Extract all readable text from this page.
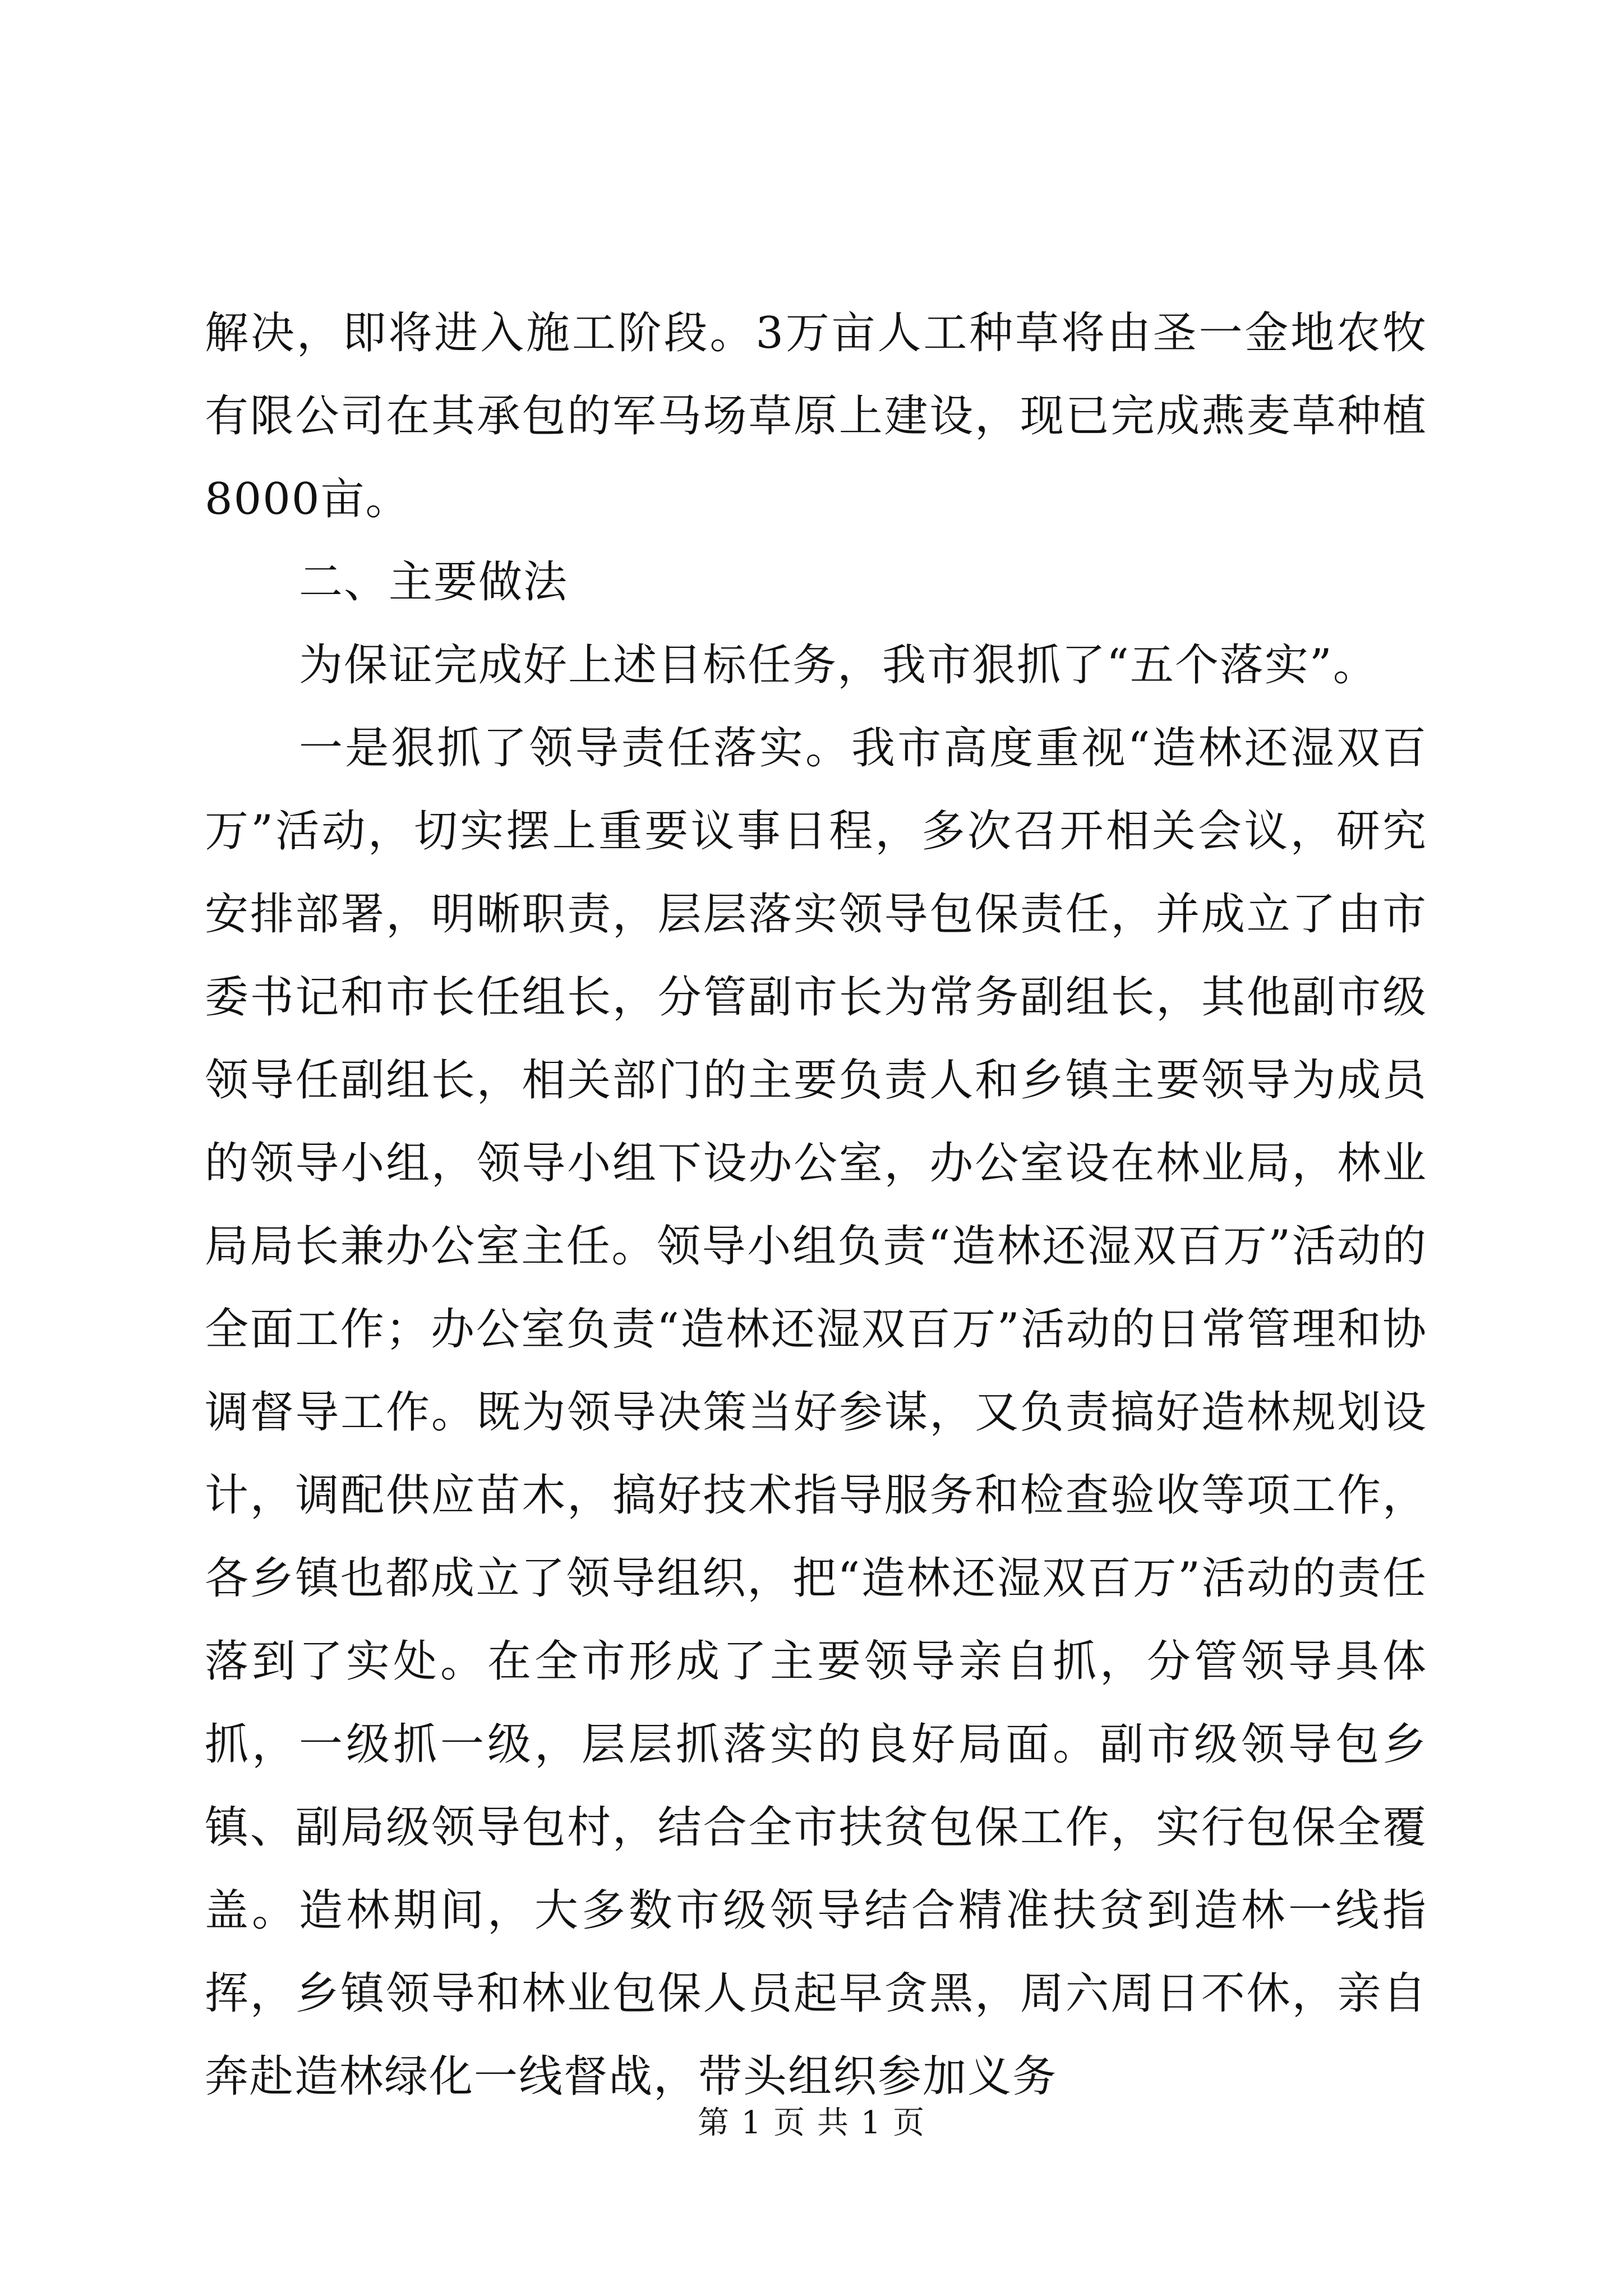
解决，即将进入施工阶段。3万亩人工种草将由圣一金地农牧有限公司在其承包的军马场草原上建设，现已完成燕麦草种植8000亩。

二、主要做法

为保证完成好上述目标任务，我市狠抓了“五个落实”。

一是狠抓了领导责任落实。我市高度重视“造林还湿双百万”活动，切实摆上重要议事日程，多次召开相关会议，研究安排部署，明晰职责，层层落实领导包保责任，并成立了由市委书记和市长任组长，分管副市长为常务副组长，其他副市级领导任副组长，相关部门的主要负责人和乡镇主要领导为成员的领导小组，领导小组下设办公室，办公室设在林业局，林业局局长兼办公室主任。领导小组负责“造林还湿双百万”活动的全面工作；办公室负责“造林还湿双百万”活动的日常管理和协调督导工作。既为领导决策当好参谋，又负责搞好造林规划设计，调配供应苗木，搞好技术指导服务和检查验收等项工作，各乡镇也都成立了领导组织，把“造林还湿双百万”活动的责任落到了实处。在全市形成了主要领导亲自抓，分管领导具体抓，一级抓一级，层层抓落实的良好局面。副市级领导包乡镇、副局级领导包村，结合全市扶贫包保工作，实行包保全覆盖。造林期间，大多数市级领导结合精准扶贫到造林一线指挥，乡镇领导和林业包保人员起早贪黑，周六周日不休，亲自奔赴造林绿化一线督战，带头组织参加义务

第 1 页 共 1 页
